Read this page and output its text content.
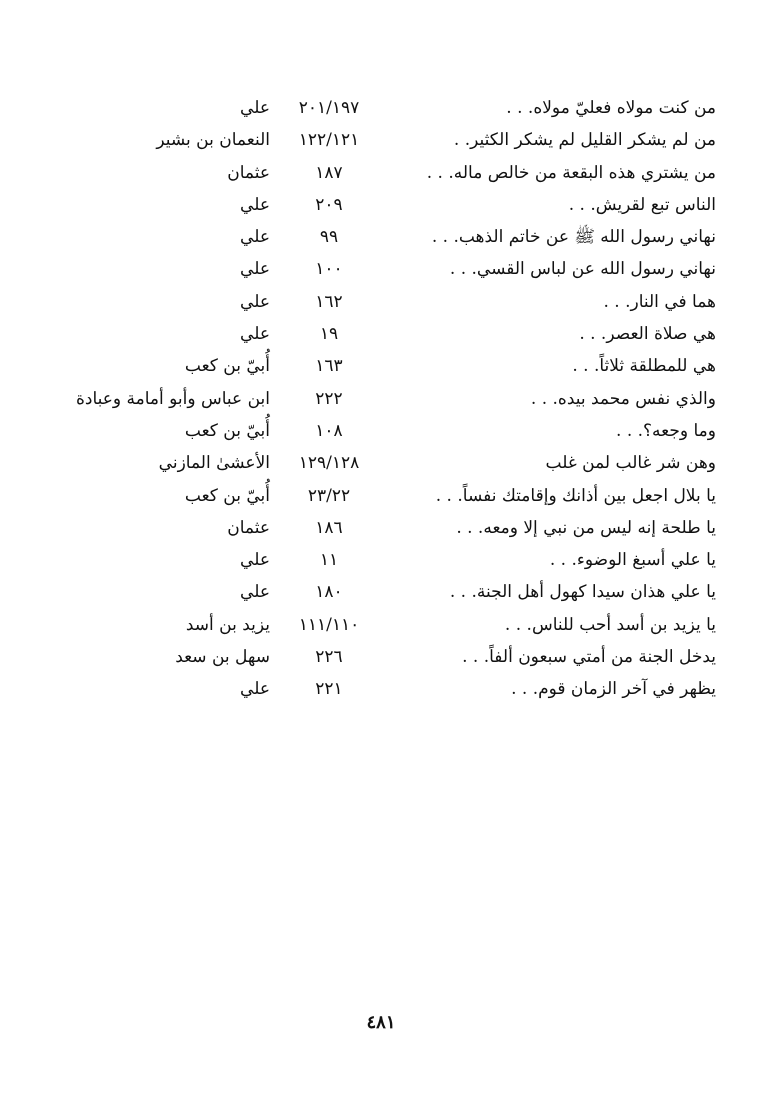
من كنت مولاه فعليّ مولاه. . .
٢٠١/١٩٧
علي
من لم يشكر القليل لم يشكر الكثير. .
١٢٢/١٢١
النعمان بن بشير
من يشتري هذه البقعة من خالص ماله. . .
١٨٧
عثمان
الناس تبع لقريش. . .
٢٠٩
علي
نهاني رسول الله ﷺ عن خاتم الذهب. . .
٩٩
علي
نهاني رسول الله عن لباس القسي. . .
١٠٠
علي
هما في النار. . .
١٦٢
علي
هي صلاة العصر. . .
١٩
علي
هي للمطلقة ثلاثاً. . .
١٦٣
أُبيّ بن كعب
والذي نفس محمد بيده. . .
٢٢٢
ابن عباس وأبو أمامة وعبادة
وما وجعه؟. . .
١٠٨
أُبيّ بن كعب
وهن شر غالب لمن غلب
١٢٩/١٢٨
الأعشىٰ المازني
يا بلال اجعل بين أذانك وإقامتك نفساً. . .
٢٣/٢٢
أُبيّ بن كعب
يا طلحة إنه ليس من نبي إلا ومعه. . .
١٨٦
عثمان
يا علي أسبغ الوضوء. . .
١١
علي
يا علي هذان سيدا كهول أهل الجنة. . .
١٨٠
علي
يا يزيد بن أسد أحب للناس. . .
١١١/١١٠
يزيد بن أسد
يدخل الجنة من أمتي سبعون ألفاً. . .
٢٢٦
سهل بن سعد
يظهر في آخر الزمان قوم. . .
٢٢١
علي
٤٨١
